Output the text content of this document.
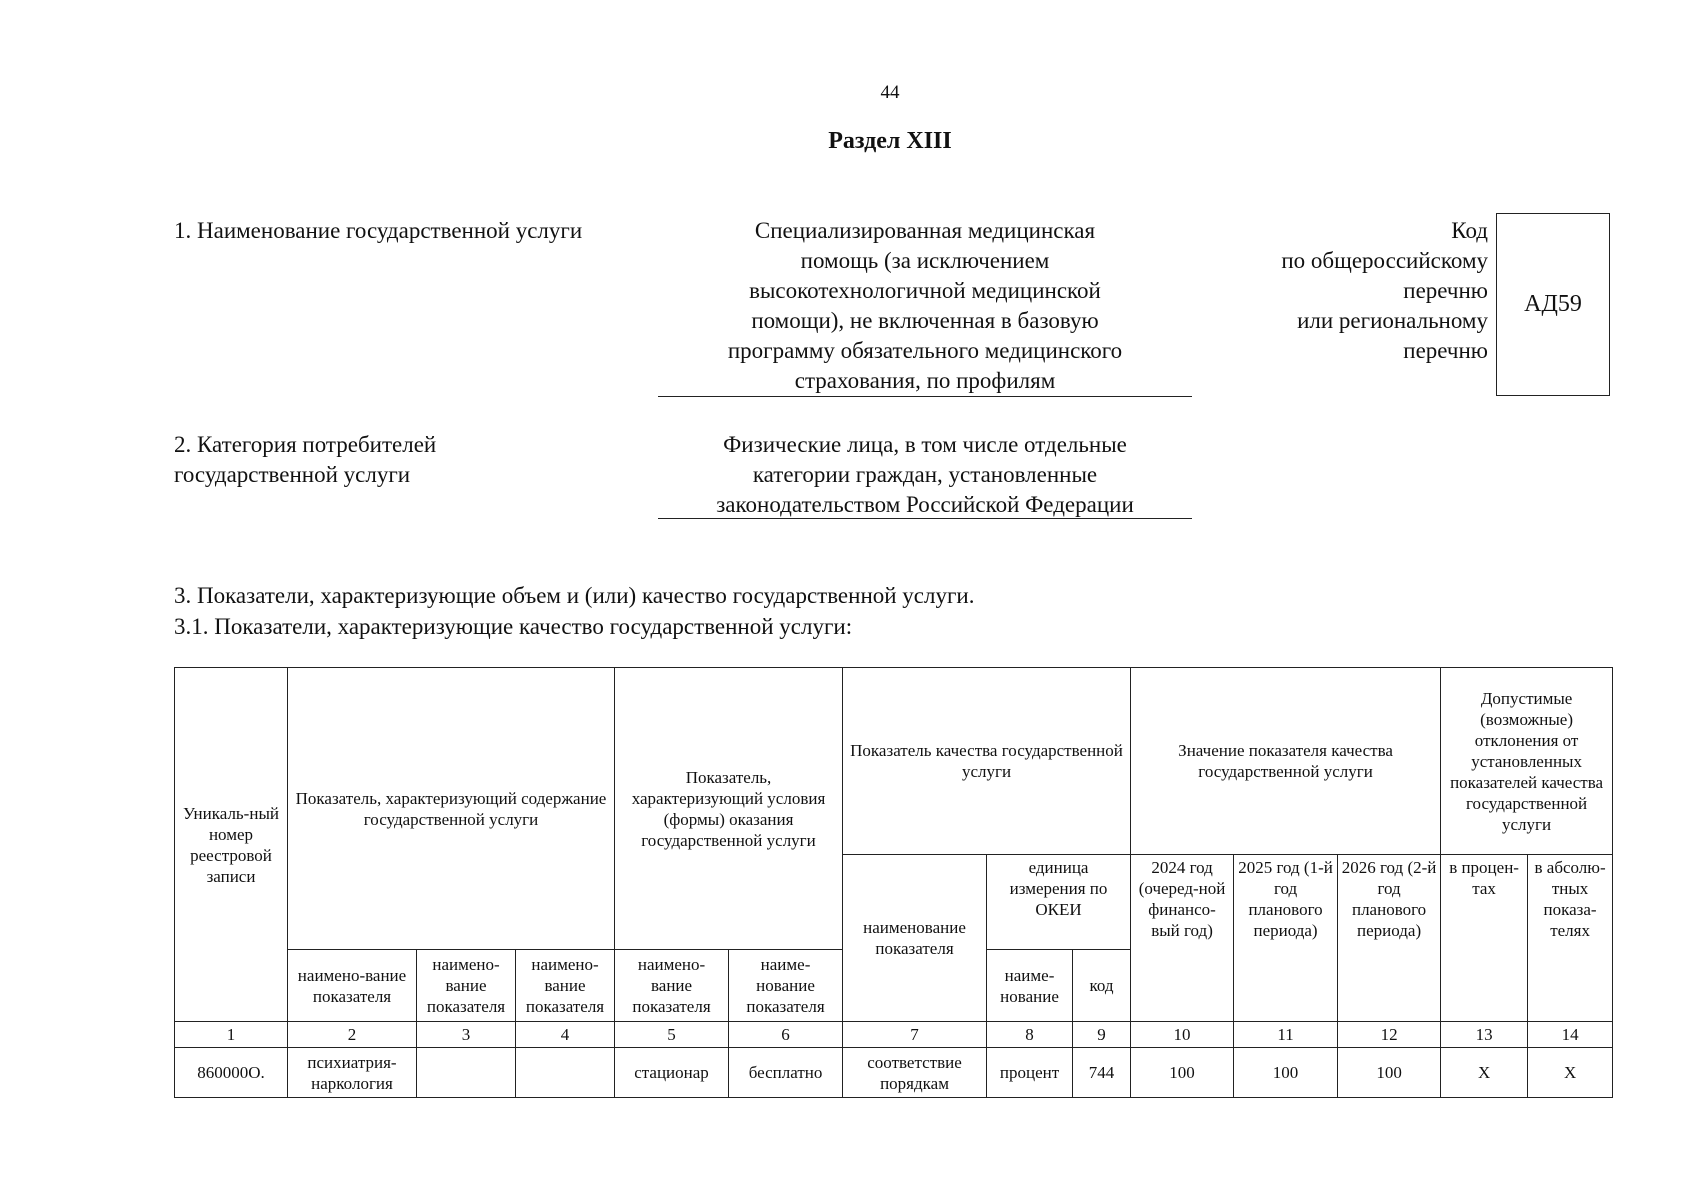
44
Раздел XIII
1. Наименование государственной услуги	Специализированная медицинская
помощь (за исключением
высокотехнологичной медицинской
помощи), не включенная в базовую
программу обязательного медицинского
страхования, по профилям
Код
по общероссийскому
перечню
или региональному
перечню
АД59
2. Категория потребителей
государственной услуги
Физические лица, в том числе отдельные
категории граждан, установленные
законодательством Российской Федерации
3. Показатели, характеризующие объем и (или) качество государственной услуги.
3.1. Показатели, характеризующие качество государственной услуги:
Уникаль-ный номер реестровой записи	Показатель, характеризующий содержание государственной услуги			Показатель, характеризующий условия (формы) оказания государственной услуги		Показатель качества государственной услуги			Значение показателя качества государственной услуги			Допустимые (возможные) отклонения от установленных показателей качества государственной услуги	
						наименование показателя	единица измерения по ОКЕИ		2024 год (очеред-ной финансо-вый год)	2025 год (1-й год планового периода)	2026 год (2-й год планового периода)	в процен-тах	в абсолю-тных показа-телях
	наимено-вание показателя	наимено-вание показателя	наимено-вание показателя	наимено-вание показателя	наиме-нование показателя		наиме-нование	код					
1	2	3	4	5	6	7	8	9	10	11	12	13	14
860000О.	психиатрия-наркология			стационар	бесплатно	соответствие порядкам	процент	744	100	100	100	X	X
